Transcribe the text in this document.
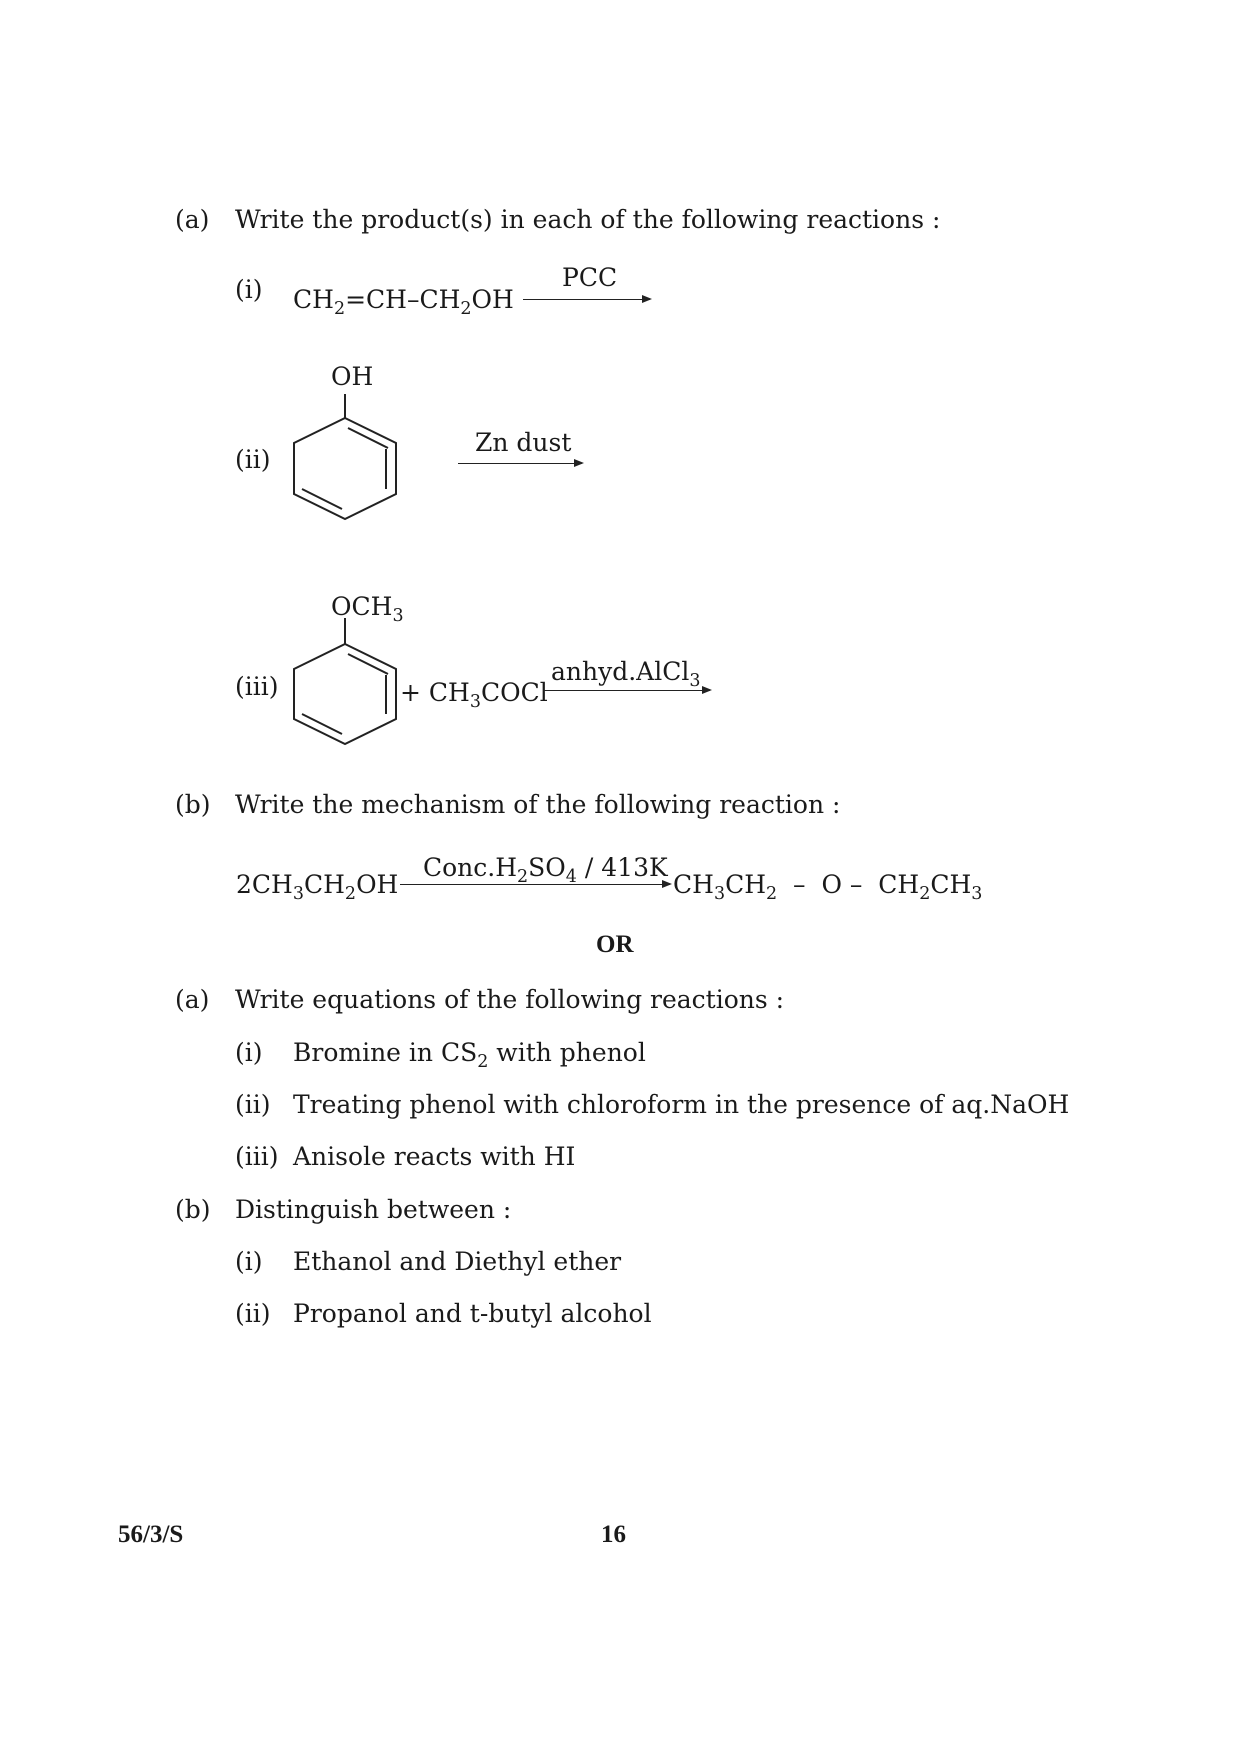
(a) Write the product(s) in each of the following reactions :
(i) $CH_2=CH-CH_2OH$
PCC
(ii)
OH
Zn dust
(iii)
$OCH_3$
+ $CH_3COCl$
anhyd.AlCl$_3$
(b) Write the mechanism of the following reaction :
$2CH_3CH_2OH$
$Conc.H_2SO_4 / 413K$
$CH_3CH_2$  –  O –  $CH_2CH_3$
OR
(a) Write equations of the following reactions :
(i) Bromine in $CS_2$ with phenol
(ii) Treating phenol with chloroform in the presence of aq.NaOH
(iii) Anisole reacts with HI
(b) Distinguish between :
(i) Ethanol and Diethyl ether
(ii) Propanol and t-butyl alcohol
56/3/S	16
